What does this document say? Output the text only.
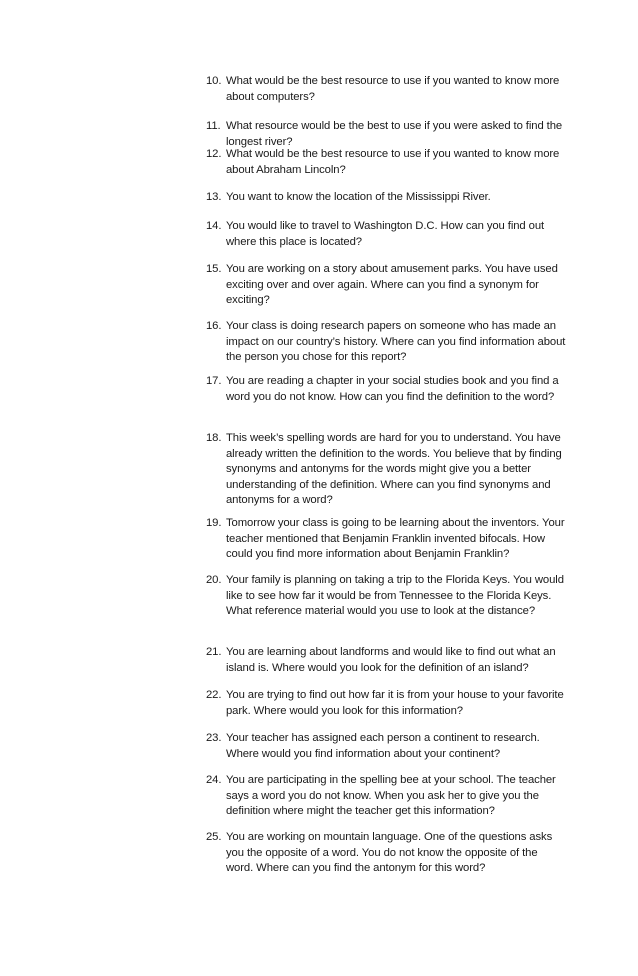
10. What would be the best resource to use if you wanted to know more about computers?
11. What resource would be the best to use if you were asked to find the longest river?
12. What would be the best resource to use if you wanted to know more about Abraham Lincoln?
13. You want to know the location of the Mississippi River.
14. You would like to travel to Washington D.C. How can you find out where this place is located?
15. You are working on a story about amusement parks. You have used exciting over and over again. Where can you find a synonym for exciting?
16. Your class is doing research papers on someone who has made an impact on our country’s history. Where can you find information about the person you chose for this report?
17. You are reading a chapter in your social studies book and you find a word you do not know. How can you find the definition to the word?
18. This week’s spelling words are hard for you to understand. You have already written the definition to the words. You believe that by finding synonyms and antonyms for the words might give you a better understanding of the definition. Where can you find synonyms and antonyms for a word?
19. Tomorrow your class is going to be learning about the inventors. Your teacher mentioned that Benjamin Franklin invented bifocals. How could you find more information about Benjamin Franklin?
20. Your family is planning on taking a trip to the Florida Keys. You would like to see how far it would be from Tennessee to the Florida Keys. What reference material would you use to look at the distance?
21. You are learning about landforms and would like to find out what an island is. Where would you look for the definition of an island?
22. You are trying to find out how far it is from your house to your favorite park. Where would you look for this information?
23. Your teacher has assigned each person a continent to research. Where would you find information about your continent?
24. You are participating in the spelling bee at your school. The teacher says a word you do not know. When you ask her to give you the definition where might the teacher get this information?
25. You are working on mountain language. One of the questions asks you the opposite of a word. You do not know the opposite of the word. Where can you find the antonym for this word?
